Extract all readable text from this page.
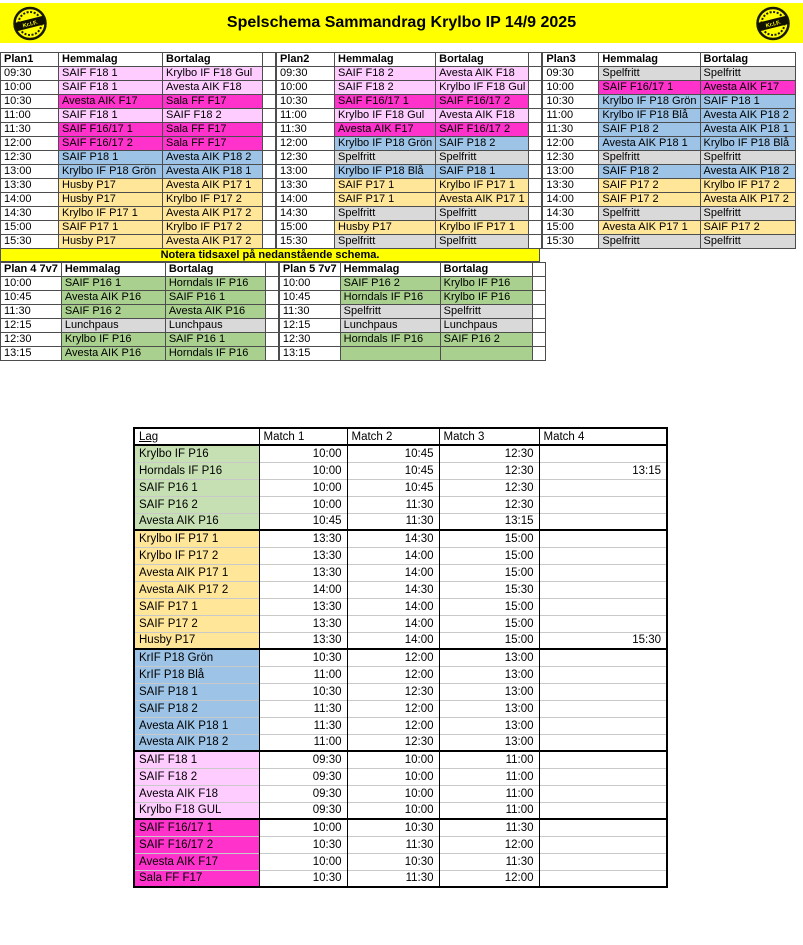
Kr.I.F.	Spelschema Sammandrag Krylbo IP 14/9 2025	Kr.I.F.
Plan1	Hemmalag	Bortalag	
09:30	SAIF F18 1	Krylbo IF F18 Gul	
10:00	SAIF F18 1	Avesta AIK F18	
10:30	Avesta AIK F17	Sala FF F17	
11:00	SAIF F18 1	SAIF F18 2	
11:30	SAIF F16/17 1	Sala FF F17	
12:00	SAIF F16/17 2	Sala FF F17	
12:30	SAIF P18 1	Avesta AIK P18 2	
13:00	Krylbo IF P18 Grön	Avesta AIK P18 1	
13:30	Husby P17	Avesta AIK P17 1	
14:00	Husby P17	Krylbo IF P17 2	
14:30	Krylbo IF P17 1	Avesta AIK P17 2	
15:00	SAIF P17 1	Krylbo IF P17 2	
15:30	Husby P17	Avesta AIK P17 2	
Plan2	Hemmalag	Bortalag	
09:30	SAIF F18 2	Avesta AIK F18	
10:00	SAIF F18 2	Krylbo IF F18 Gul	
10:30	SAIF F16/17 1	SAIF F16/17 2	
11:00	Krylbo IF F18 Gul	Avesta AIK F18	
11:30	Avesta AIK F17	SAIF F16/17 2	
12:00	Krylbo IF P18 Grön	SAIF P18 2	
12:30	Spelfritt	Spelfritt	
13:00	Krylbo IF P18 Blå	SAIF P18 1	
13:30	SAIF P17 1	Krylbo IF P17 1	
14:00	SAIF P17 1	Avesta AIK P17 1	
14:30	Spelfritt	Spelfritt	
15:00	Husby P17	Krylbo IF P17 1	
15:30	Spelfritt	Spelfritt	
Plan3	Hemmalag	Bortalag
09:30	Spelfritt	Spelfritt
10:00	SAIF F16/17 1	Avesta AIK F17
10:30	Krylbo IF P18 Grön	SAIF P18 1
11:00	Krylbo IF P18 Blå	Avesta AIK P18 2
11:30	SAIF P18 2	Avesta AIK P18 1
12:00	Avesta AIK P18 1	Krylbo IF P18 Blå
12:30	Spelfritt	Spelfritt
13:00	SAIF P18 2	Avesta AIK P18 2
13:30	SAIF P17 2	Krylbo IF P17 2
14:00	SAIF P17 2	Avesta AIK P17 2
14:30	Spelfritt	Spelfritt
15:00	Avesta AIK P17 1	SAIF P17 2
15:30	Spelfritt	Spelfritt
Notera tidsaxel på nedanstående schema.
Plan 4 7v7	Hemmalag	Bortalag	
10:00	SAIF P16 1	Horndals IF P16	
10:45	Avesta AIK P16	SAIF P16 1	
11:30	SAIF P16 2	Avesta AIK P16	
12:15	Lunchpaus	Lunchpaus	
12:30	Krylbo IF P16	SAIF P16 1	
13:15	Avesta AIK P16	Horndals IF P16	
Plan 5 7v7	Hemmalag	Bortalag	
10:00	SAIF P16 2	Krylbo IF P16	
10:45	Horndals IF P16	Krylbo IF P16	
11:30	Spelfritt	Spelfritt	
12:15	Lunchpaus	Lunchpaus	
12:30	Horndals IF P16	SAIF P16 2	
13:15			
Lag	Match 1	Match 2	Match 3	Match 4
Krylbo IF P16	10:00	10:45	12:30	
Horndals IF P16	10:00	10:45	12:30	13:15
SAIF P16 1	10:00	10:45	12:30	
SAIF P16 2	10:00	11:30	12:30	
Avesta AIK P16	10:45	11:30	13:15	
Krylbo IF P17 1	13:30	14:30	15:00	
Krylbo IF P17 2	13:30	14:00	15:00	
Avesta AIK P17 1	13:30	14:00	15:00	
Avesta AIK P17 2	14:00	14:30	15:30	
SAIF P17 1	13:30	14:00	15:00	
SAIF P17 2	13:30	14:00	15:00	
Husby P17	13:30	14:00	15:00	15:30
KrIF P18 Grön	10:30	12:00	13:00	
KrIF P18 Blå	11:00	12:00	13:00	
SAIF P18 1	10:30	12:30	13:00	
SAIF P18 2	11:30	12:00	13:00	
Avesta AIK P18 1	11:30	12:00	13:00	
Avesta AIK P18 2	11:00	12:30	13:00	
SAIF F18 1	09:30	10:00	11:00	
SAIF F18 2	09:30	10:00	11:00	
Avesta AIK F18	09:30	10:00	11:00	
Krylbo F18 GUL	09:30	10:00	11:00	
SAIF F16/17 1	10:00	10:30	11:30	
SAIF F16/17 2	10:30	11:30	12:00	
Avesta AIK F17	10:00	10:30	11:30	
Sala FF F17	10:30	11:30	12:00	
